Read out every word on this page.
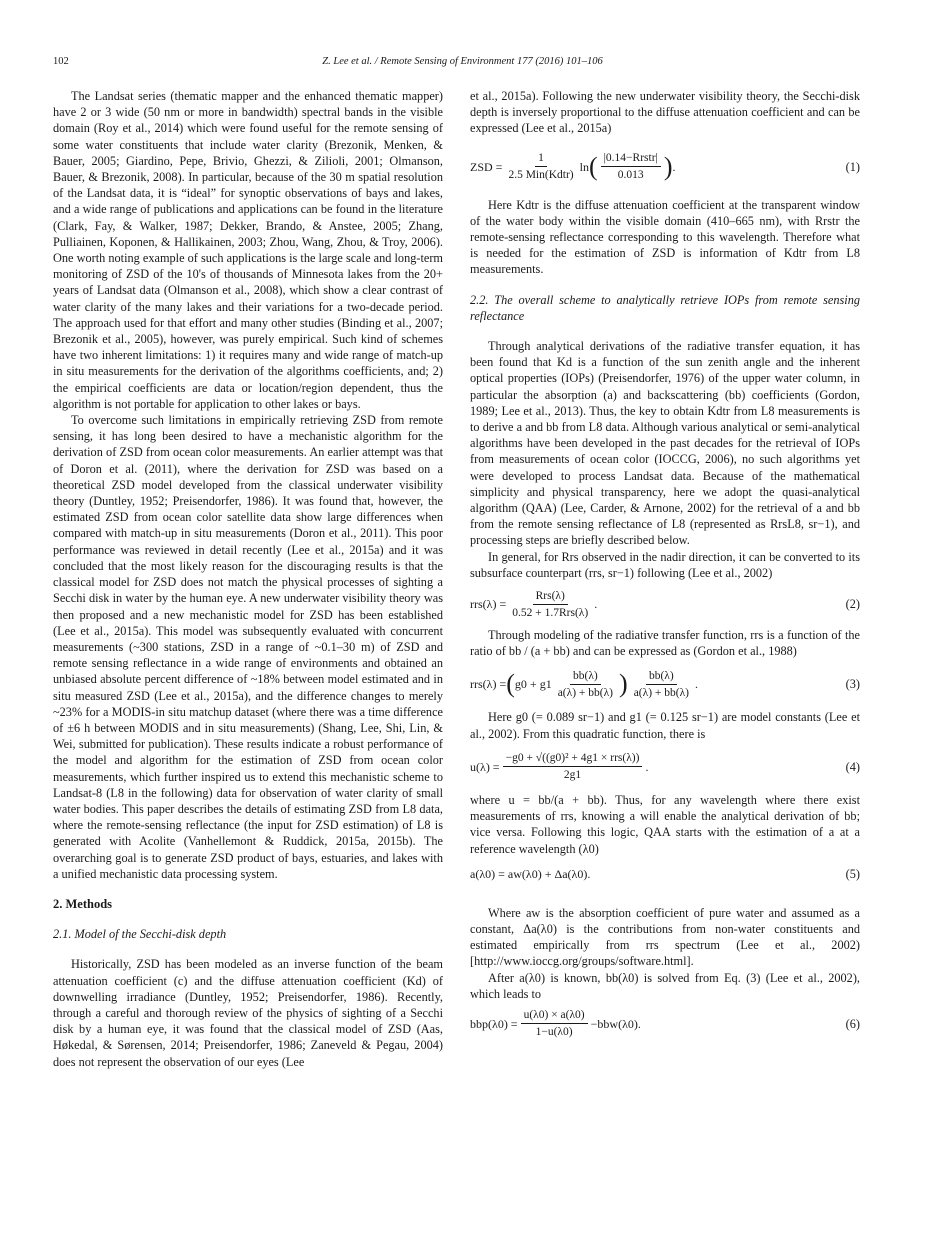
102	Z. Lee et al. / Remote Sensing of Environment 177 (2016) 101–106

The Landsat series (thematic mapper and the enhanced thematic mapper) have 2 or 3 wide (50 nm or more in bandwidth) spectral bands in the visible domain (Roy et al., 2014) which were found useful for the remote sensing of some water constituents that include water clarity (Brezonik, Menken, & Bauer, 2005; Giardino, Pepe, Brivio, Ghezzi, & Zilioli, 2001; Olmanson, Bauer, & Brezonik, 2008). In particular, because of the 30 m spatial resolution of the Landsat data, it is “ideal” for synoptic observations of bays and lakes, and a wide range of publications and applications can be found in the literature (Clark, Fay, & Walker, 1987; Dekker, Brando, & Anstee, 2005; Zhang, Pulliainen, Koponen, & Hallikainen, 2003; Zhou, Wang, Zhou, & Troy, 2006). One worth noting example of such applications is the large scale and long-term monitoring of ZSD of the 10's of thousands of Minnesota lakes from the 20+ years of Landsat data (Olmanson et al., 2008), which show a clear contrast of water clarity of the many lakes and their variations for a two-decade period. The approach used for that effort and many other studies (Binding et al., 2007; Brezonik et al., 2005), however, was purely empirical. Such kind of schemes have two inherent limitations: 1) it requires many and wide range of match-up in situ measurements for the derivation of the algorithms coefficients, and; 2) the empirical coefficients are data or location/region dependent, thus the algorithm is not portable for application to other lakes or bays.

To overcome such limitations in empirically retrieving ZSD from remote sensing, it has long been desired to have a mechanistic algorithm for the derivation of ZSD from ocean color measurements. An earlier attempt was that of Doron et al. (2011), where the derivation for ZSD was based on a theoretical ZSD model developed from the classical underwater visibility theory (Duntley, 1952; Preisendorfer, 1986). It was found that, however, the estimated ZSD from ocean color satellite data show large differences when compared with match-up in situ measurements (Doron et al., 2011). This poor performance was reviewed in detail recently (Lee et al., 2015a) and it was concluded that the most likely reason for the discouraging results is that the classical model for ZSD does not match the physical processes of sighting a Secchi disk in water by the human eye. A new underwater visibility theory was then proposed and a new mechanistic model for ZSD has been established (Lee et al., 2015a). This model was subsequently evaluated with concurrent measurements (~300 stations, ZSD in a range of ~0.1–30 m) of ZSD and remote sensing reflectance in a wide range of environments and obtained an unbiased absolute percent difference of ~18% between model estimated and in situ measured ZSD (Lee et al., 2015a), and the difference changes to merely ~23% for a MODIS-in situ matchup dataset (where there was a time difference of ±6 h between MODIS and in situ measurements) (Shang, Lee, Shi, Lin, & Wei, submitted for publication). These results indicate a robust performance of the model and algorithm for the estimation of ZSD from ocean color measurements, which further inspired us to extend this mechanistic scheme to Landsat-8 (L8 in the following) data for observation of water clarity of small water bodies. This paper describes the details of estimating ZSD from L8 data, where the remote-sensing reflectance (the input for ZSD estimation) of L8 is generated with Acolite (Vanhellemont & Ruddick, 2015a, 2015b). The overarching goal is to generate ZSD product of bays, estuaries, and lakes with a unified mechanistic data processing system.

2. Methods
2.1. Model of the Secchi-disk depth

Historically, ZSD has been modeled as an inverse function of the beam attenuation coefficient (c) and the diffuse attenuation coefficient (Kd) of downwelling irradiance (Duntley, 1952; Preisendorfer, 1986). Recently, through a careful and thorough review of the physics of sighting of a Secchi disk by a human eye, it was found that the classical model of ZSD (Aas, Høkedal, & Sørensen, 2014; Preisendorfer, 1986; Zaneveld & Pegau, 2004) does not represent the observation of our eyes (Lee

et al., 2015a). Following the new underwater visibility theory, the Secchi-disk depth is inversely proportional to the diffuse attenuation coefficient and can be expressed (Lee et al., 2015a)

ZSD = $\frac{1}{\text{2.5 Min(Kdtr)}}$ ln ( $\frac{\text{|0.14−Rrstr|}}{0.013}$ ) .	(1)

Here Kdtr is the diffuse attenuation coefficient at the transparent window of the water body within the visible domain (410–665 nm), with Rrstr the remote-sensing reflectance corresponding to this wavelength. Therefore what is needed for the estimation of ZSD is information of Kdtr from L8 measurements.

2.2. The overall scheme to analytically retrieve IOPs from remote sensing reflectance

Through analytical derivations of the radiative transfer equation, it has been found that Kd is a function of the sun zenith angle and the inherent optical properties (IOPs) (Preisendorfer, 1976) of the upper water column, in particular the absorption (a) and backscattering (bb) coefficients (Gordon, 1989; Lee et al., 2013). Thus, the key to obtain Kdtr from L8 measurements is to derive a and bb from L8 data. Although various analytical or semi-analytical algorithms have been developed in the past decades for the retrieval of IOPs from measurements of ocean color (IOCCG, 2006), no such algorithms yet were developed to process Landsat data. Because of the mathematical simplicity and physical transparency, here we adopt the quasi-analytical algorithm (QAA) (Lee, Carder, & Arnone, 2002) for the retrieval of a and bb from the remote sensing reflectance of L8 (represented as RrsL8, sr−1), and processing steps are briefly described below.

In general, for Rrs observed in the nadir direction, it can be converted to its subsurface counterpart (rrs, sr−1) following (Lee et al., 2002)

$rrs(\lambda) = \frac{\text{Rrs(λ)}}{\text{0.52 + 1.7Rrs(λ)}}$ .	(2)

Through modeling of the radiative transfer function, rrs is a function of the ratio of bb / (a + bb) and can be expressed as (Gordon et al., 1988)

rrs(λ) = ( $g0 + g1 \frac{bb(\lambda)}{a(\lambda) + bb(\lambda)}$ ) $\frac{bb(\lambda)}{a(\lambda) + bb(\lambda)}$ .	(3)

Here g0 (= 0.089 sr−1) and g1 (= 0.125 sr−1) are model constants (Lee et al., 2002). From this quadratic function, there is

$u(\lambda) = \frac{\text{−g0 + √((g0)² + 4g1 × rrs(λ))}}{2g1}$ .	(4)

where u = bb/(a + bb). Thus, for any wavelength where there exist measurements of rrs, knowing a will enable the analytical derivation of bb; vice versa. Following this logic, QAA starts with the estimation of a at a reference wavelength (λ0)

a(λ0) = aw(λ0) + Δa(λ0).	(5)

Where aw is the absorption coefficient of pure water and assumed as a constant, Δa(λ0) is the contributions from non-water constituents and estimated empirically from rrs spectrum (Lee et al., 2002) [http://www.ioccg.org/groups/software.html].

After a(λ0) is known, bb(λ0) is solved from Eq. (3) (Lee et al., 2002), which leads to

$bbp(\lambda 0) = \frac{u(\lambda 0) \times a(\lambda 0)}{1-u(\lambda 0)} -bbw(\lambda 0)$.	(6)
